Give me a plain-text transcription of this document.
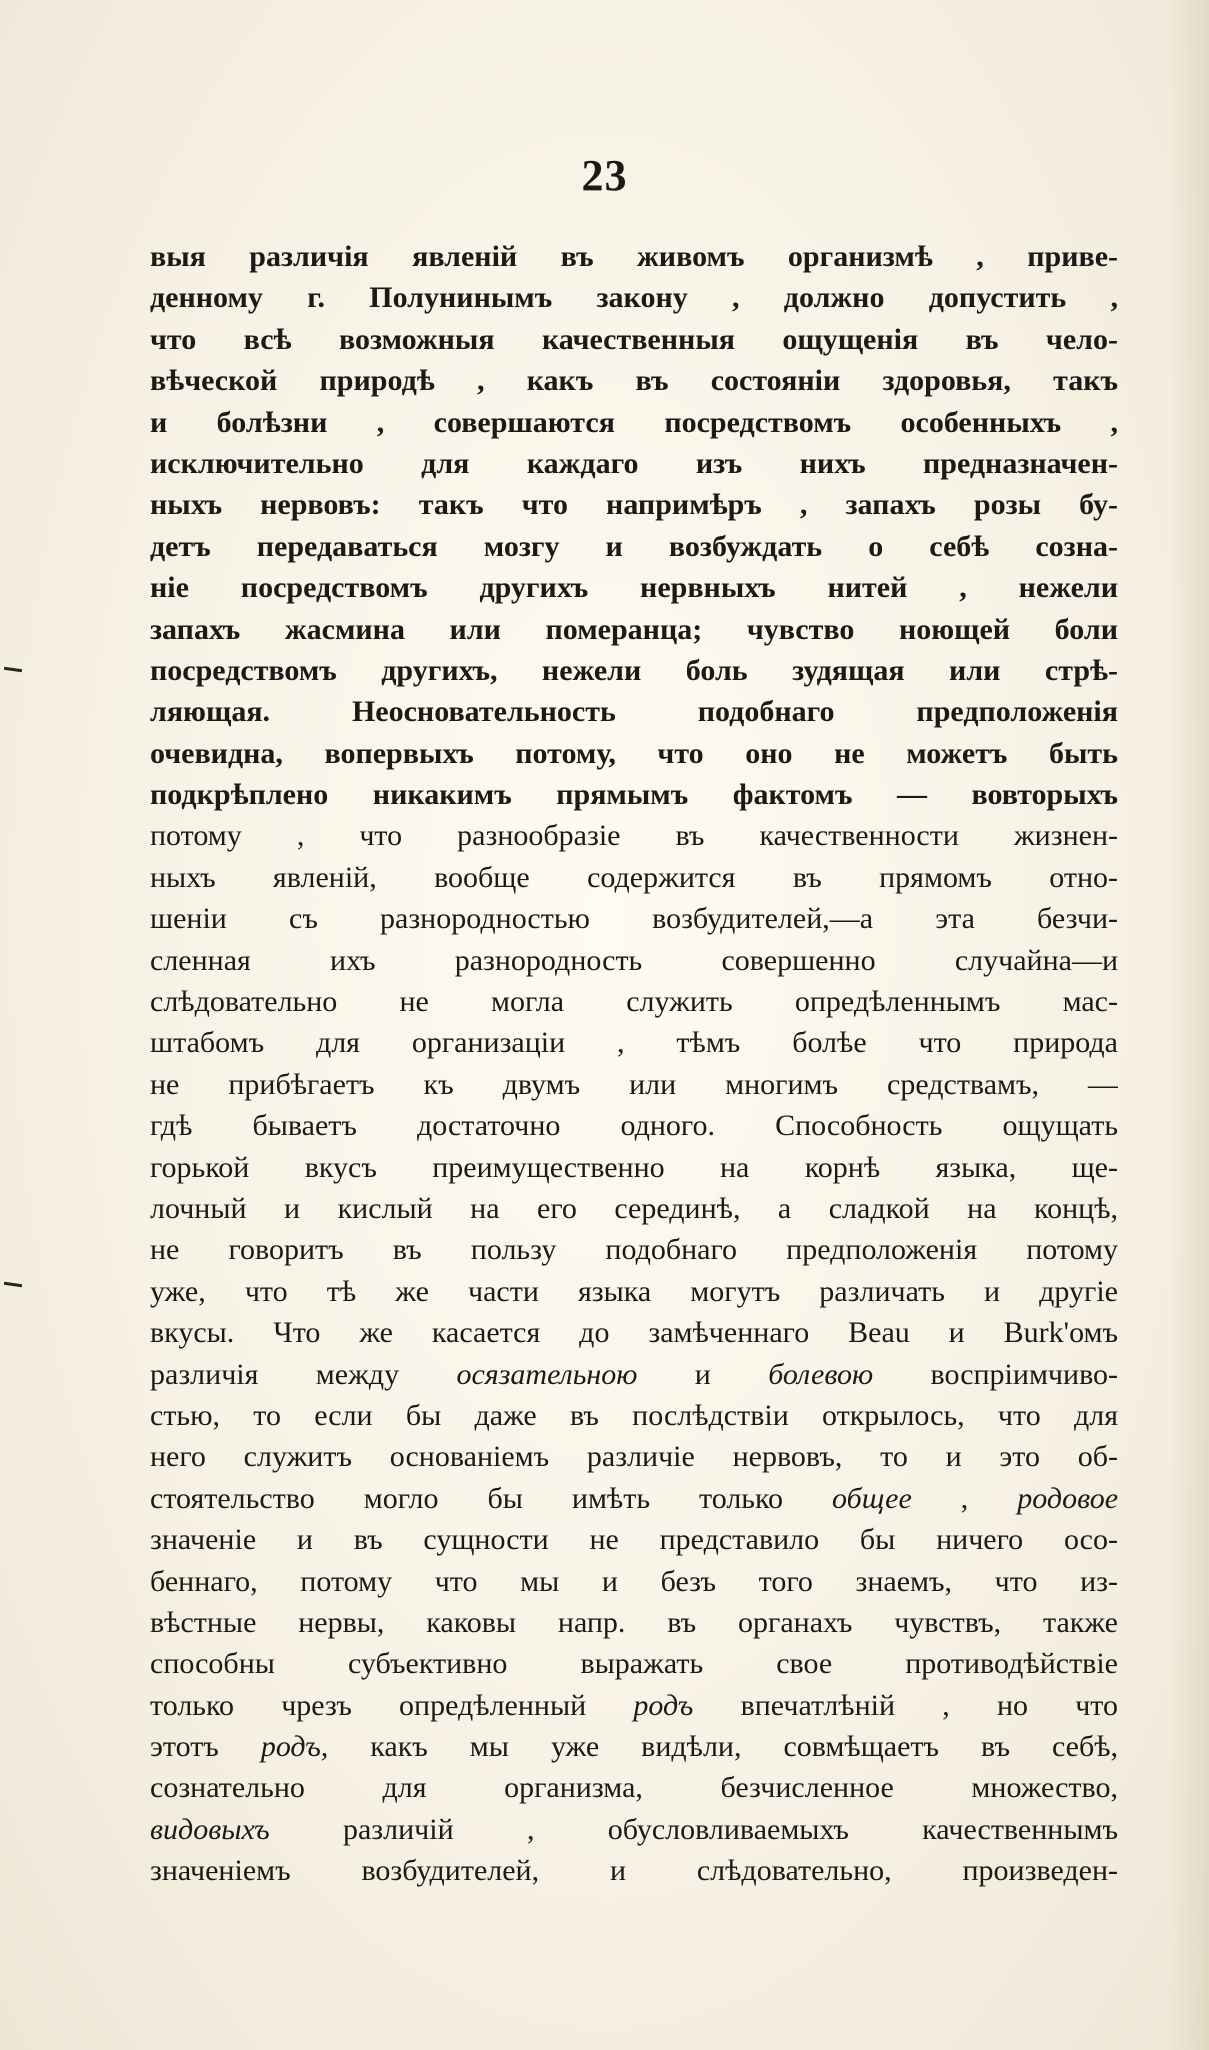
23
выя различія явленій въ живомъ организмѣ , приве-
денному г. Полунинымъ закону , должно допустить ,
что всѣ возможныя качественныя ощущенія въ чело-
вѣческой природѣ , какъ въ состояніи здоровья, такъ
и болѣзни , совершаются посредствомъ особенныхъ ,
исключительно для каждаго изъ нихъ предназначен-
ныхъ нервовъ: такъ что напримѣръ , запахъ розы бу-
детъ передаваться мозгу и возбуждать о себѣ созна-
ніе посредствомъ другихъ нервныхъ нитей , нежели
запахъ жасмина или померанца; чувство ноющей боли
посредствомъ другихъ, нежели боль зудящая или стрѣ-
ляющая. Неосновательность подобнаго предположенія
очевидна, вопервыхъ потому, что оно не можетъ быть
подкрѣплено никакимъ прямымъ фактомъ — вовторыхъ
потому , что разнообразіе въ качественности жизнен-
ныхъ явленій, вообще содержится въ прямомъ отно-
шеніи съ разнородностью возбудителей,—а эта безчи-
сленная ихъ разнородность совершенно случайна—и
слѣдовательно не могла служить опредѣленнымъ мас-
штабомъ для организаціи , тѣмъ болѣе что природа
не прибѣгаетъ къ двумъ или многимъ средствамъ, —
гдѣ бываетъ достаточно одного. Способность ощущать
горькой вкусъ преимущественно на корнѣ языка, ще-
лочный и кислый на его серединѣ, а сладкой на концѣ,
не говоритъ въ пользу подобнаго предположенія потому
уже, что тѣ же части языка могутъ различать и другіе
вкусы. Что же касается до замѣченнаго Beau и Burk'омъ
различія между осязательною и болевою воспріимчиво-
стью, то если бы даже въ послѣдствіи открылось, что для
него служитъ основаніемъ различіе нервовъ, то и это об-
стоятельство могло бы имѣть только общее , родовое
значеніе и въ сущности не представило бы ничего осо-
беннаго, потому что мы и безъ того знаемъ, что из-
вѣстные нервы, каковы напр. въ органахъ чувствъ, также
способны субъективно выражать свое противодѣйствіе
только чрезъ опредѣленный родъ впечатлѣній , но что
этотъ родъ, какъ мы уже видѣли, совмѣщаетъ въ себѣ,
сознательно для организма, безчисленное множество,
видовыхъ различій , обусловливаемыхъ качественнымъ
значеніемъ возбудителей, и слѣдовательно, произведен-
